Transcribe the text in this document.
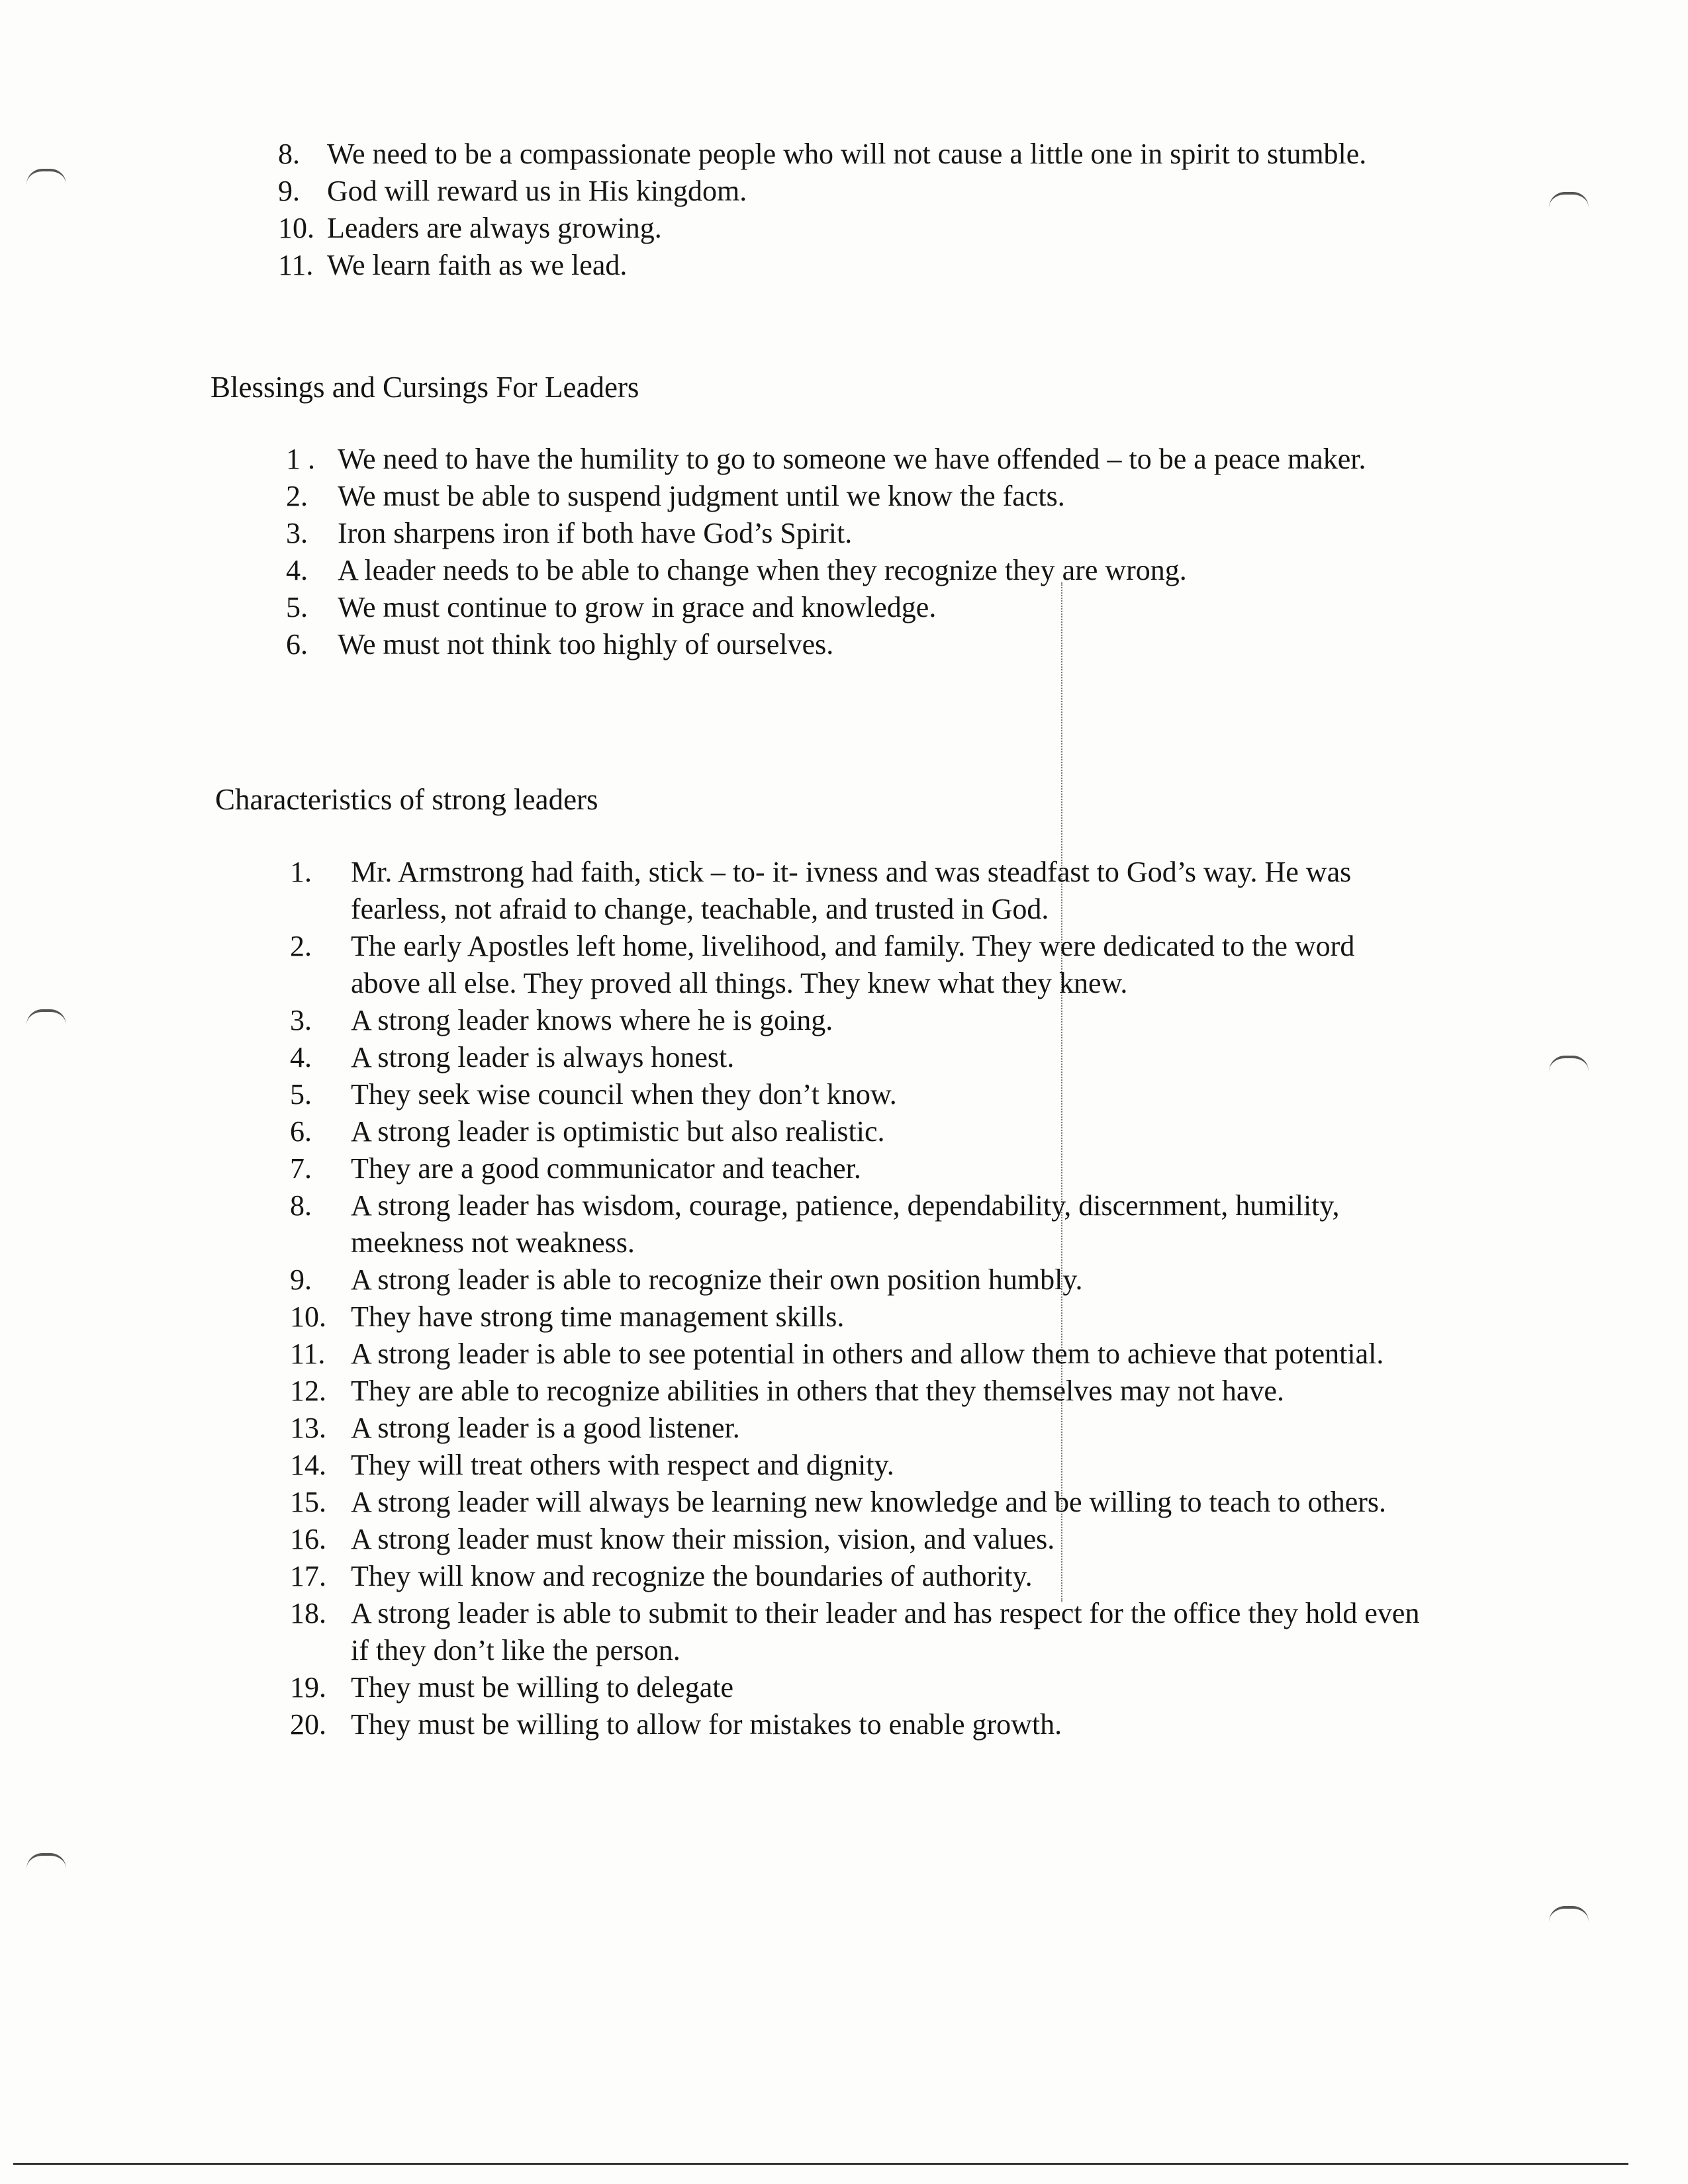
8. We need to be a compassionate people who will not cause a little one in spirit to stumble.
9. God will reward us in His kingdom.
10. Leaders are always growing.
11. We learn faith as we lead.
Blessings and Cursings For Leaders
1 . We need to have the humility to go to someone we have offended – to be a peace maker.
2.	We must be able to suspend judgment until we know the facts.
3.	Iron sharpens iron if both have God’s Spirit.
4.	A leader needs to be able to change when they recognize they are wrong.
5.	We must continue to grow in grace and knowledge.
6.	We must not think too highly of ourselves.
Characteristics of strong leaders
1.	Mr. Armstrong had faith, stick – to- it- ivness and was steadfast to God’s way. He was fearless, not afraid to change, teachable, and trusted in God.
2.	The early Apostles left home, livelihood, and family. They were dedicated to the word above all else. They proved all things. They knew what they knew.
3.	A strong leader knows where he is going.
4.	A strong leader is always honest.
5.	They seek wise council when they don’t know.
6.	A strong leader is optimistic but also realistic.
7.	They are a good communicator and teacher.
8.	A strong leader has wisdom, courage, patience, dependability, discernment, humility, meekness not weakness.
9.	A strong leader is able to recognize their own position humbly.
10. They have strong time management skills.
11. A strong leader is able to see potential in others and allow them to achieve that potential.
12. They are able to recognize abilities in others that they themselves may not have.
13. A strong leader is a good listener.
14. They will treat others with respect and dignity.
15. A strong leader will always be learning new knowledge and be willing to teach to others.
16. A strong leader must know their mission, vision, and values.
17. They will know and recognize the boundaries of authority.
18. A strong leader is able to submit to their leader and has respect for the office they hold even if they don’t like the person.
19. They must be willing to delegate
20. They must be willing to allow for mistakes to enable growth.
